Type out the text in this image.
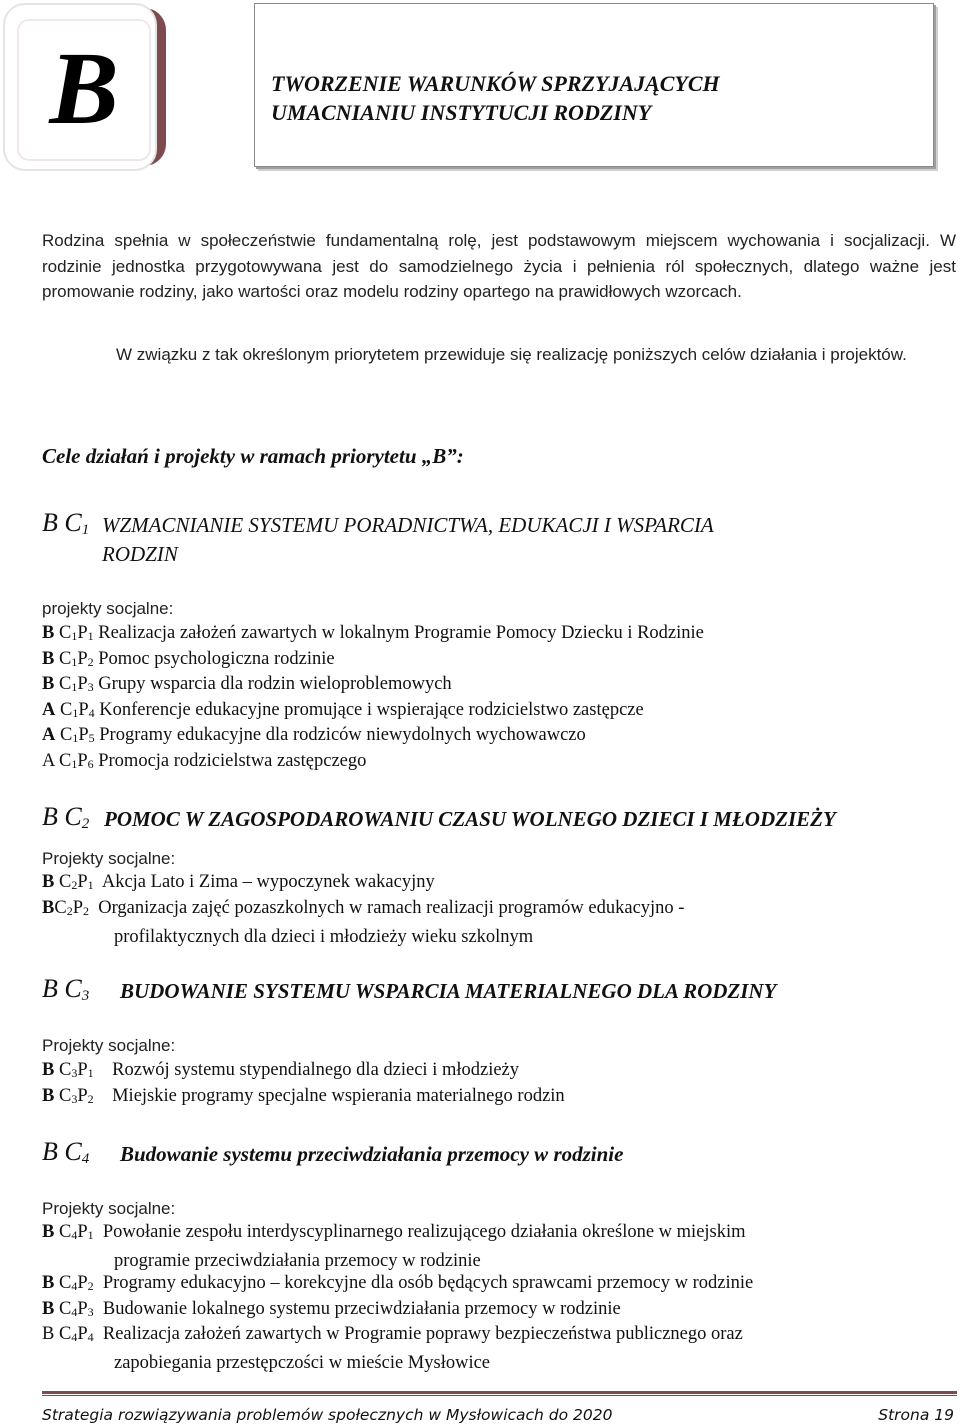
B	TWORZENIE WARUNKÓW SPRZYJAJĄCYCH
UMACNIANIU INSTYTUCJI RODZINY

Rodzina spełnia w społeczeństwie fundamentalną rolę, jest podstawowym miejscem wychowania i socjalizacji. W rodzinie jednostka przygotowywana jest do samodzielnego życia i pełnienia ról społecznych, dlatego ważne jest promowanie rodziny, jako wartości oraz modelu rodziny opartego na prawidłowych wzorcach.

W związku z tak określonym priorytetem przewiduje się realizację poniższych celów działania i projektów.

Cele działań i projekty w ramach priorytetu „B”:
B $C_1$ WZMACNIANIE SYSTEMU PORADNICTWA, EDUKACJI I WSPARCIA
RODZIN
projekty socjalne:
B $C_1P_1$ Realizacja założeń zawartych w lokalnym Programie Pomocy Dziecku i Rodzinie
B $C_1P_2$ Pomoc psychologiczna rodzinie
B $C_1P_3$ Grupy wsparcia dla rodzin wieloproblemowych
A $C_1P_4$ Konferencje edukacyjne promujące i wspierające rodzicielstwo zastępcze
A $C_1P_5$ Programy edukacyjne dla rodziców niewydolnych wychowawczo
A $C_1P_6$ Promocja rodzicielstwa zastępczego
B $C_2$ POMOC W ZAGOSPODAROWANIU CZASU WOLNEGO DZIECI I MŁODZIEŻY
Projekty socjalne:
B $C_2P_1$ Akcja Lato i Zima – wypoczynek wakacyjny
$BC_2P_2$ Organizacja zajęć pozaszkolnych w ramach realizacji programów edukacyjno -
profilaktycznych dla dzieci i młodzieży wieku szkolnym
B $C_3$ BUDOWANIE SYSTEMU WSPARCIA MATERIALNEGO DLA RODZINY
Projekty socjalne:
B $C_3P_1$ Rozwój systemu stypendialnego dla dzieci i młodzieży
B $C_3P_2$ Miejskie programy specjalne wspierania materialnego rodzin
B $C_4$ Budowanie systemu przeciwdziałania przemocy w rodzinie
Projekty socjalne:
B $C_4P_1$ Powołanie zespołu interdyscyplinarnego realizującego działania określone w miejskim
programie przeciwdziałania przemocy w rodzinie
B $C_4P_2$ Programy edukacyjno – korekcyjne dla osób będących sprawcami przemocy w rodzinie
B $C_4P_3$ Budowanie lokalnego systemu przeciwdziałania przemocy w rodzinie
B $C_4P_4$ Realizacja założeń zawartych w Programie poprawy bezpieczeństwa publicznego oraz
zapobiegania przestępczości w mieście Mysłowice
Strategia rozwiązywania problemów społecznych w Mysłowicach do 2020	Strona 19
